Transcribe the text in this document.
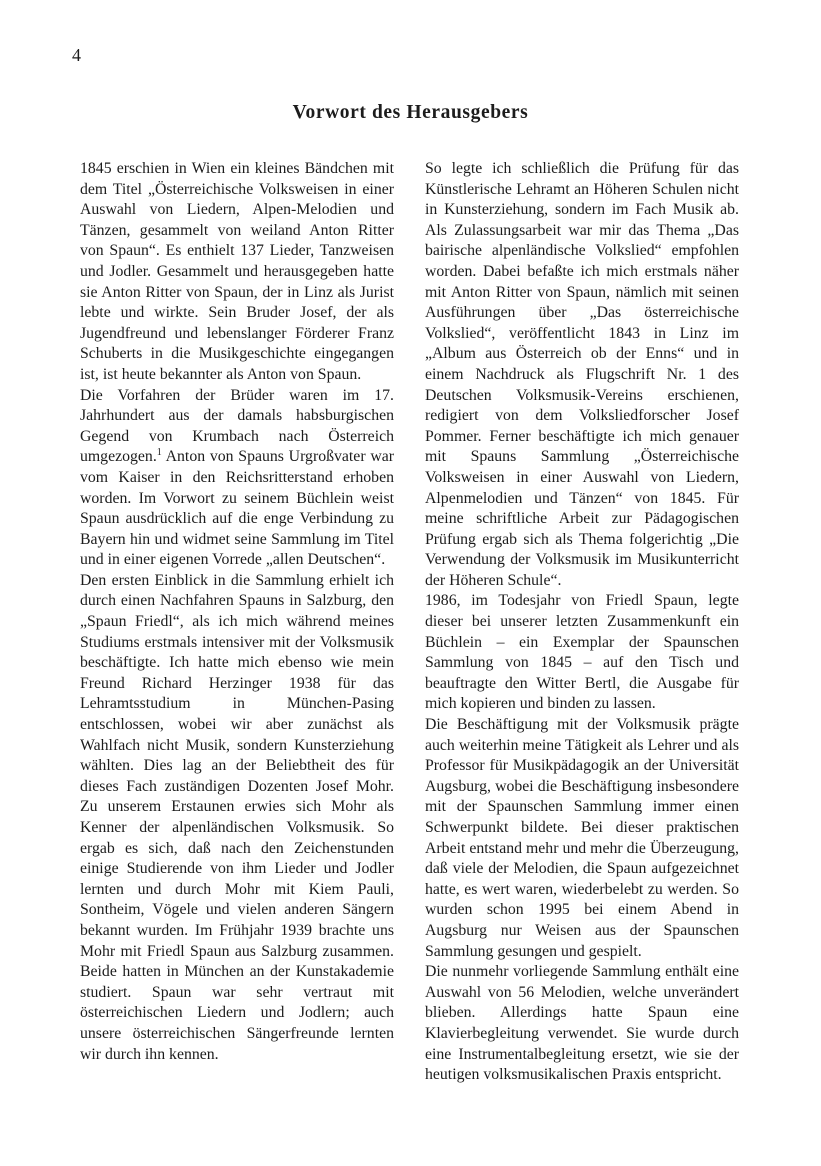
4
Vorwort des Herausgebers

1845 erschien in Wien ein kleines Bändchen mit dem Titel „Österreichische Volksweisen in einer Auswahl von Liedern, Alpen-Melodien und Tänzen, gesammelt von weiland Anton Ritter von Spaun“. Es enthielt 137 Lieder, Tanzweisen und Jodler. Gesammelt und herausgegeben hatte sie Anton Ritter von Spaun, der in Linz als Jurist lebte und wirkte. Sein Bruder Josef, der als Jugendfreund und lebenslanger Förderer Franz Schuberts in die Musikgeschichte eingegangen ist, ist heute bekannter als Anton von Spaun.

Die Vorfahren der Brüder waren im 17. Jahrhundert aus der damals habsburgischen Gegend von Krumbach nach Österreich umgezogen.$^1$ Anton von Spauns Urgroßvater war vom Kaiser in den Reichsritterstand erhoben worden. Im Vorwort zu seinem Büchlein weist Spaun ausdrücklich auf die enge Verbindung zu Bayern hin und widmet seine Sammlung im Titel und in einer eigenen Vorrede „allen Deutschen“.

Den ersten Einblick in die Sammlung erhielt ich durch einen Nachfahren Spauns in Salzburg, den „Spaun Friedl“, als ich mich während meines Studiums erstmals intensiver mit der Volksmusik beschäftigte. Ich hatte mich ebenso wie mein Freund Richard Herzinger 1938 für das Lehramtsstudium in München-Pasing entschlossen, wobei wir aber zunächst als Wahlfach nicht Musik, sondern Kunsterziehung wählten. Dies lag an der Beliebtheit des für dieses Fach zuständigen Dozenten Josef Mohr. Zu unserem Erstaunen erwies sich Mohr als Kenner der alpenländischen Volksmusik. So ergab es sich, daß nach den Zeichenstunden einige Studierende von ihm Lieder und Jodler lernten und durch Mohr mit Kiem Pauli, Sontheim, Vögele und vielen anderen Sängern bekannt wurden. Im Frühjahr 1939 brachte uns Mohr mit Friedl Spaun aus Salzburg zusammen. Beide hatten in München an der Kunstakademie studiert. Spaun war sehr vertraut mit österreichischen Liedern und Jodlern; auch unsere österreichischen Sängerfreunde lernten wir durch ihn kennen.

So legte ich schließlich die Prüfung für das Künstlerische Lehramt an Höheren Schulen nicht in Kunsterziehung, sondern im Fach Musik ab. Als Zulassungsarbeit war mir das Thema „Das bairische alpenländische Volkslied“ empfohlen worden. Dabei befaßte ich mich erstmals näher mit Anton Ritter von Spaun, nämlich mit seinen Ausführungen über „Das österreichische Volkslied“, veröffentlicht 1843 in Linz im „Album aus Österreich ob der Enns“ und in einem Nachdruck als Flugschrift Nr. 1 des Deutschen Volksmusik-Vereins erschienen, redigiert von dem Volksliedforscher Josef Pommer. Ferner beschäftigte ich mich genauer mit Spauns Sammlung „Österreichische Volksweisen in einer Auswahl von Liedern, Alpenmelodien und Tänzen“ von 1845. Für meine schriftliche Arbeit zur Pädagogischen Prüfung ergab sich als Thema folgerichtig „Die Verwendung der Volksmusik im Musikunterricht der Höheren Schule“.

1986, im Todesjahr von Friedl Spaun, legte dieser bei unserer letzten Zusammenkunft ein Büchlein – ein Exemplar der Spaunschen Sammlung von 1845 – auf den Tisch und beauftragte den Witter Bertl, die Ausgabe für mich kopieren und binden zu lassen.

Die Beschäftigung mit der Volksmusik prägte auch weiterhin meine Tätigkeit als Lehrer und als Professor für Musikpädagogik an der Universität Augsburg, wobei die Beschäftigung insbesondere mit der Spaunschen Sammlung immer einen Schwerpunkt bildete. Bei dieser praktischen Arbeit entstand mehr und mehr die Überzeugung, daß viele der Melodien, die Spaun aufgezeichnet hatte, es wert waren, wiederbelebt zu werden. So wurden schon 1995 bei einem Abend in Augsburg nur Weisen aus der Spaunschen Sammlung gesungen und gespielt.

Die nunmehr vorliegende Sammlung enthält eine Auswahl von 56 Melodien, welche unverändert blieben. Allerdings hatte Spaun eine Klavierbegleitung verwendet. Sie wurde durch eine Instrumentalbegleitung ersetzt, wie sie der heutigen volksmusikalischen Praxis entspricht.
